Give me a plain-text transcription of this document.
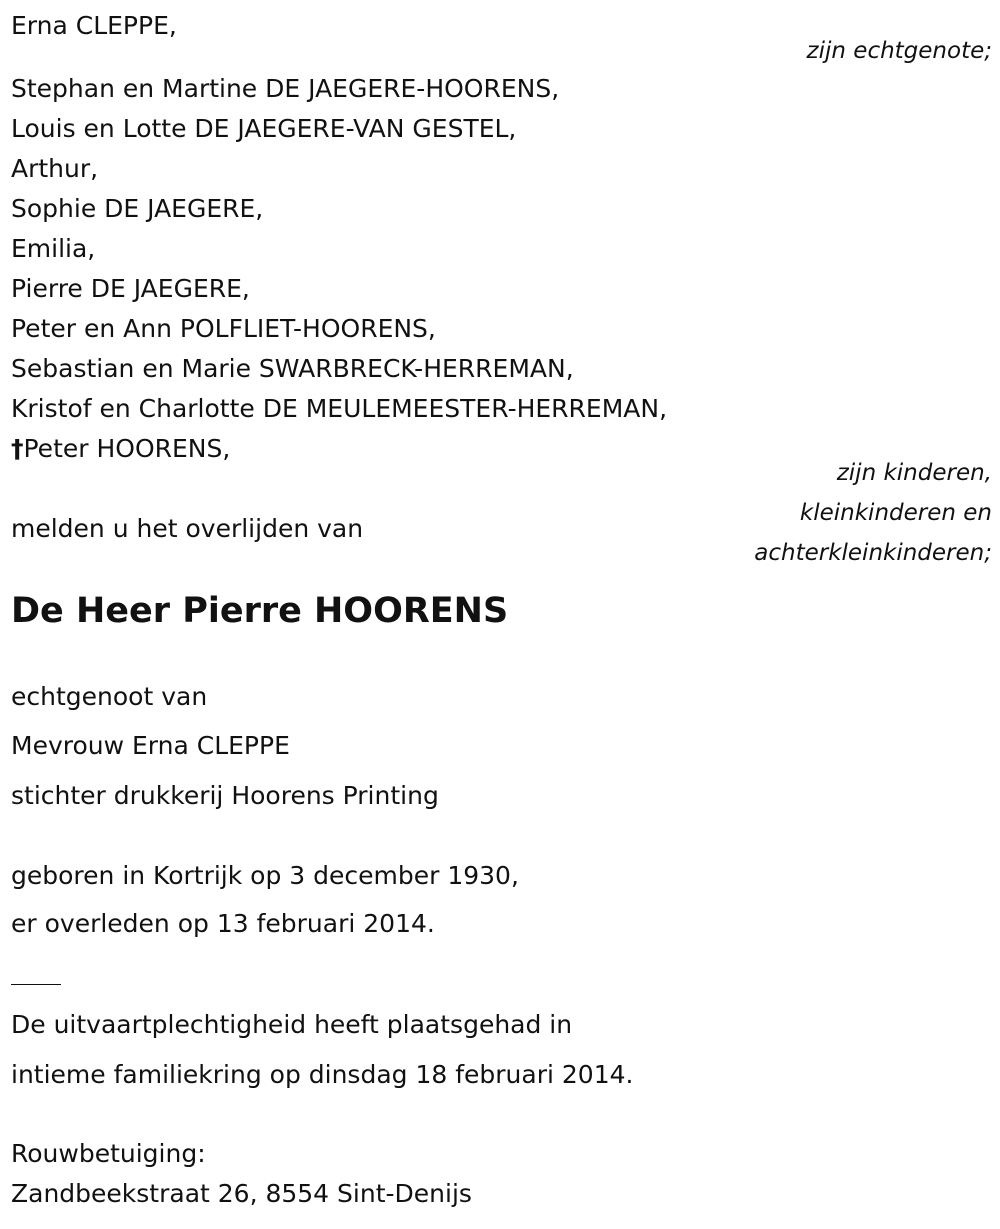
Erna CLEPPE,
zijn echtgenote;
Stephan en Martine DE JAEGERE-HOORENS,
Louis en Lotte DE JAEGERE-VAN GESTEL,
Arthur,
Sophie DE JAEGERE,
Emilia,
Pierre DE JAEGERE,
Peter en Ann POLFLIET-HOORENS,
Sebastian en Marie SWARBRECK-HERREMAN,
Kristof en Charlotte DE MEULEMEESTER-HERREMAN,
†Peter HOORENS,
zijn kinderen,
kleinkinderen en
achterkleinkinderen;
melden u het overlijden van
De Heer Pierre HOORENS
echtgenoot van
Mevrouw Erna CLEPPE
stichter drukkerij Hoorens Printing
geboren in Kortrijk op 3 december 1930,
er overleden op 13 februari 2014.
De uitvaartplechtigheid heeft plaatsgehad in
intieme familiekring op dinsdag 18 februari 2014.
Rouwbetuiging:
Zandbeekstraat 26, 8554 Sint-Denijs
